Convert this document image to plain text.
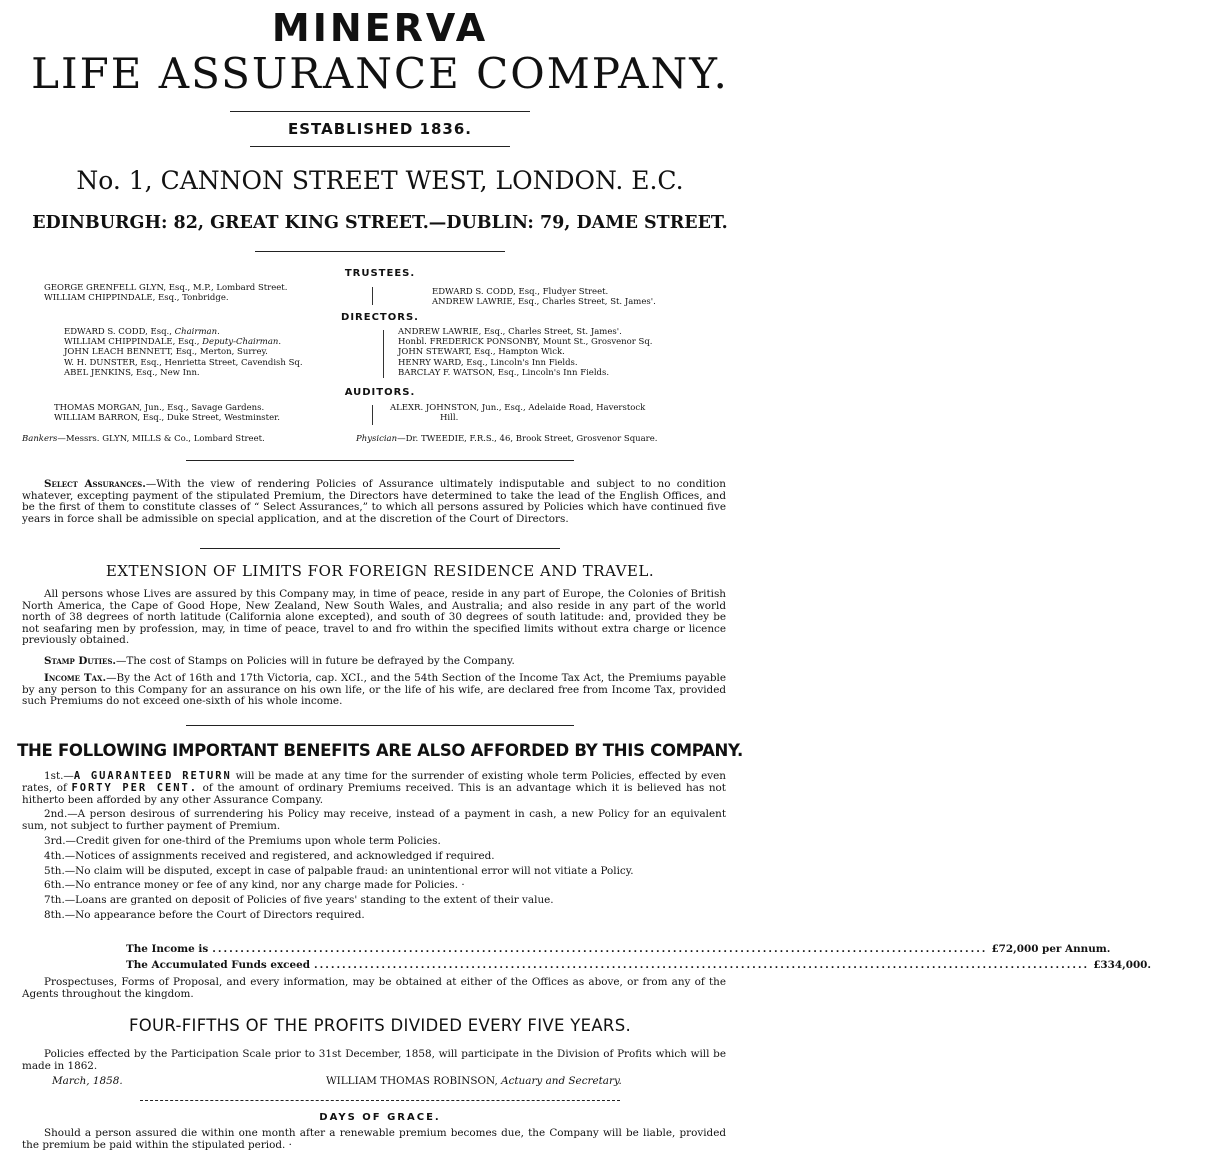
MINERVA
LIFE ASSURANCE COMPANY.
ESTABLISHED 1836.
No. 1, CANNON STREET WEST, LONDON. E.C.
EDINBURGH: 82, GREAT KING STREET.—DUBLIN: 79, DAME STREET.
TRUSTEES.
GEORGE GRENFELL GLYN, Esq., M.P., Lombard Street.
WILLIAM CHIPPINDALE, Esq., Tonbridge.
EDWARD S. CODD, Esq., Fludyer Street.
ANDREW LAWRIE, Esq., Charles Street, St. James'.
DIRECTORS.
EDWARD S. CODD, Esq., Chairman.
WILLIAM CHIPPINDALE, Esq., Deputy-Chairman.
JOHN LEACH BENNETT, Esq., Merton, Surrey.
W. H. DUNSTER, Esq., Henrietta Street, Cavendish Sq.
ABEL JENKINS, Esq., New Inn.
ANDREW LAWRIE, Esq., Charles Street, St. James'.
Honbl. FREDERICK PONSONBY, Mount St., Grosvenor Sq.
JOHN STEWART, Esq., Hampton Wick.
HENRY WARD, Esq., Lincoln's Inn Fields.
BARCLAY F. WATSON, Esq., Lincoln's Inn Fields.
AUDITORS.
THOMAS MORGAN, Jun., Esq., Savage Gardens.
WILLIAM BARRON, Esq., Duke Street, Westminster.
ALEXR. JOHNSTON, Jun., Esq., Adelaide Road, Haverstock
Hill.
Bankers—Messrs. GLYN, MILLS & Co., Lombard Street.	Physician—Dr. TWEEDIE, F.R.S., 46, Brook Street, Grosvenor Square.

Select Assurances.—With the view of rendering Policies of Assurance ultimately indisputable and subject to no condition whatever, excepting payment of the stipulated Premium, the Directors have determined to take the lead of the English Offices, and be the first of them to constitute classes of “ Select Assurances,” to which all persons assured by Policies which have continued five years in force shall be admissible on special application, and at the discretion of the Court of Directors.

EXTENSION OF LIMITS FOR FOREIGN RESIDENCE AND TRAVEL.

All persons whose Lives are assured by this Company may, in time of peace, reside in any part of Europe, the Colonies of British North America, the Cape of Good Hope, New Zealand, New South Wales, and Australia; and also reside in any part of the world north of 38 degrees of north latitude (California alone excepted), and south of 30 degrees of south latitude: and, provided they be not seafaring men by profession, may, in time of peace, travel to and fro within the specified limits without extra charge or licence previously obtained.

Stamp Duties.—The cost of Stamps on Policies will in future be defrayed by the Company.

Income Tax.—By the Act of 16th and 17th Victoria, cap. XCI., and the 54th Section of the Income Tax Act, the Premiums payable by any person to this Company for an assurance on his own life, or the life of his wife, are declared free from Income Tax, provided such Premiums do not exceed one-sixth of his whole income.

THE FOLLOWING IMPORTANT BENEFITS ARE ALSO AFFORDED BY THIS COMPANY.

1st.—A GUARANTEED RETURN will be made at any time for the surrender of existing whole term Policies, effected by even rates, of FORTY PER CENT. of the amount of ordinary Premiums received. This is an advantage which it is believed has not hitherto been afforded by any other Assurance Company.

2nd.—A person desirous of surrendering his Policy may receive, instead of a payment in cash, a new Policy for an equivalent sum, not subject to further payment of Premium.

3rd.—Credit given for one-third of the Premiums upon whole term Policies.

4th.—Notices of assignments received and registered, and acknowledged if required.

5th.—No claim will be disputed, except in case of palpable fraud: an unintentional error will not vitiate a Policy.

6th.—No entrance money or fee of any kind, nor any charge made for Policies. ·

7th.—Loans are granted on deposit of Policies of five years' standing to the extent of their value.

8th.—No appearance before the Court of Directors required.

The Income is .......................................................................................................................................... £72,000 per Annum.
The Accumulated Funds exceed .......................................................................................................................................... £334,000.

Prospectuses, Forms of Proposal, and every information, may be obtained at either of the Offices as above, or from any of the Agents throughout the kingdom.

FOUR-FIFTHS OF THE PROFITS DIVIDED EVERY FIVE YEARS.

Policies effected by the Participation Scale prior to 31st December, 1858, will participate in the Division of Profits which will be made in 1862.

March, 1858.	WILLIAM THOMAS ROBINSON, Actuary and Secretary.
DAYS OF GRACE.

Should a person assured die within one month after a renewable premium becomes due, the Company will be liable, provided the premium be paid within the stipulated period. ·
